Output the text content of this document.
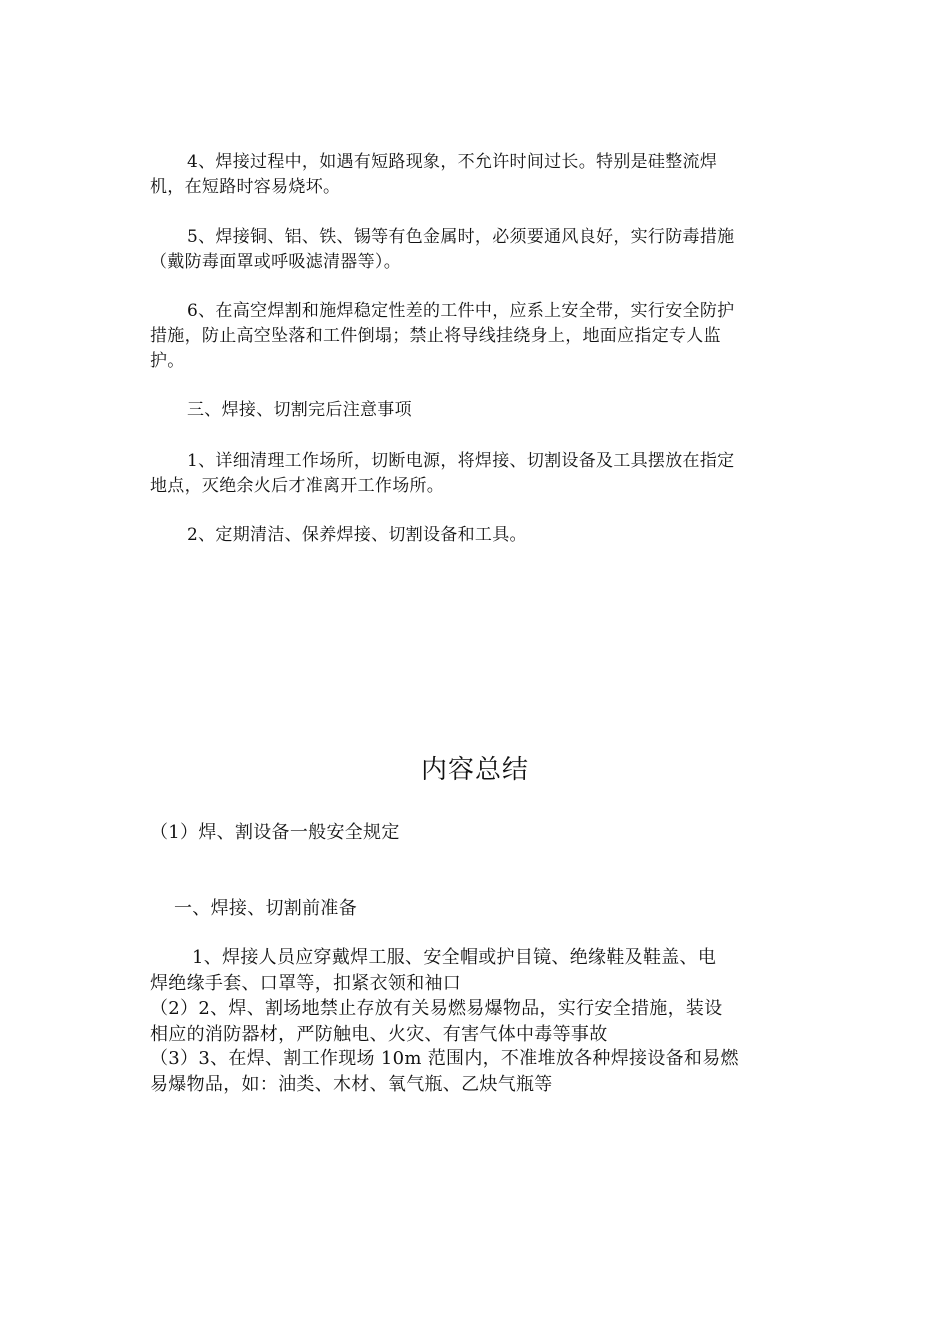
4、焊接过程中，如遇有短路现象，不允许时间过长。特别是硅整流焊
机，在短路时容易烧坏。

5、焊接铜、铝、铁、锡等有色金属时，必须要通风良好，实行防毒措施
（戴防毒面罩或呼吸滤清器等）。

6、在高空焊割和施焊稳定性差的工件中，应系上安全带，实行安全防护
措施，防止高空坠落和工件倒塌；禁止将导线挂绕身上，地面应指定专人监
护。

三、焊接、切割完后注意事项

1、详细清理工作场所，切断电源，将焊接、切割设备及工具摆放在指定
地点，灭绝余火后才准离开工作场所。

2、定期清洁、保养焊接、切割设备和工具。

内容总结

（1）焊、割设备一般安全规定

一、焊接、切割前准备

1、焊接人员应穿戴焊工服、安全帽或护目镜、绝缘鞋及鞋盖、电
焊绝缘手套、口罩等，扣紧衣领和袖口

（2）2、焊、割场地禁止存放有关易燃易爆物品，实行安全措施，装设
相应的消防器材，严防触电、火灾、有害气体中毒等事故

（3）3、在焊、割工作现场 10m 范围内，不准堆放各种焊接设备和易燃
易爆物品，如：油类、木材、氧气瓶、乙炔气瓶等
